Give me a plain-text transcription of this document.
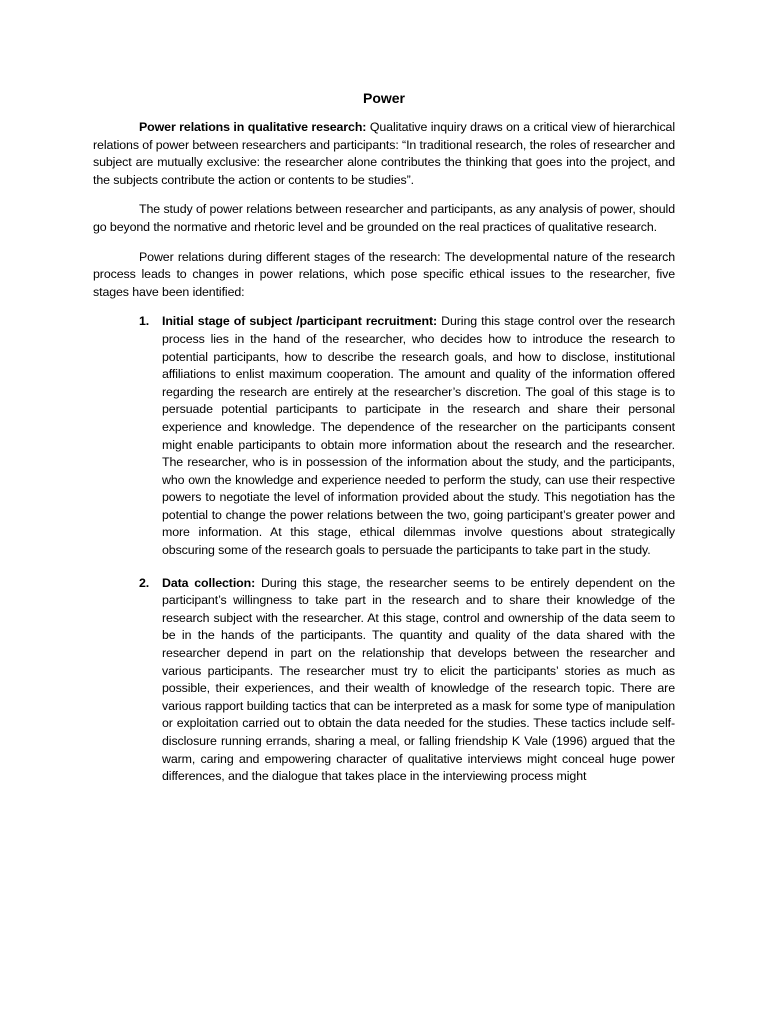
Power

Power relations in qualitative research: Qualitative inquiry draws on a critical view of hierarchical relations of power between researchers and participants: “In traditional research, the roles of researcher and subject are mutually exclusive: the researcher alone contributes the thinking that goes into the project, and the subjects contribute the action or contents to be studies”.

The study of power relations between researcher and participants, as any analysis of power, should go beyond the normative and rhetoric level and be grounded on the real practices of qualitative research.

Power relations during different stages of the research: The developmental nature of the research process leads to changes in power relations, which pose specific ethical issues to the researcher, five stages have been identified:

1. Initial stage of subject /participant recruitment: During this stage control over the research process lies in the hand of the researcher, who decides how to introduce the research to potential participants, how to describe the research goals, and how to disclose, institutional affiliations to enlist maximum cooperation. The amount and quality of the information offered regarding the research are entirely at the researcher’s discretion. The goal of this stage is to persuade potential participants to participate in the research and share their personal experience and knowledge. The dependence of the researcher on the participants consent might enable participants to obtain more information about the research and the researcher. The researcher, who is in possession of the information about the study, and the participants, who own the knowledge and experience needed to perform the study, can use their respective powers to negotiate the level of information provided about the study. This negotiation has the potential to change the power relations between the two, going participant’s greater power and more information. At this stage, ethical dilemmas involve questions about strategically obscuring some of the research goals to persuade the participants to take part in the study.
2. Data collection: During this stage, the researcher seems to be entirely dependent on the participant’s willingness to take part in the research and to share their knowledge of the research subject with the researcher. At this stage, control and ownership of the data seem to be in the hands of the participants. The quantity and quality of the data shared with the researcher depend in part on the relationship that develops between the researcher and various participants. The researcher must try to elicit the participants’ stories as much as possible, their experiences, and their wealth of knowledge of the research topic. There are various rapport building tactics that can be interpreted as a mask for some type of manipulation or exploitation carried out to obtain the data needed for the studies. These tactics include self-disclosure running errands, sharing a meal, or falling friendship K Vale (1996) argued that the warm, caring and empowering character of qualitative interviews might conceal huge power differences, and the dialogue that takes place in the interviewing process might
